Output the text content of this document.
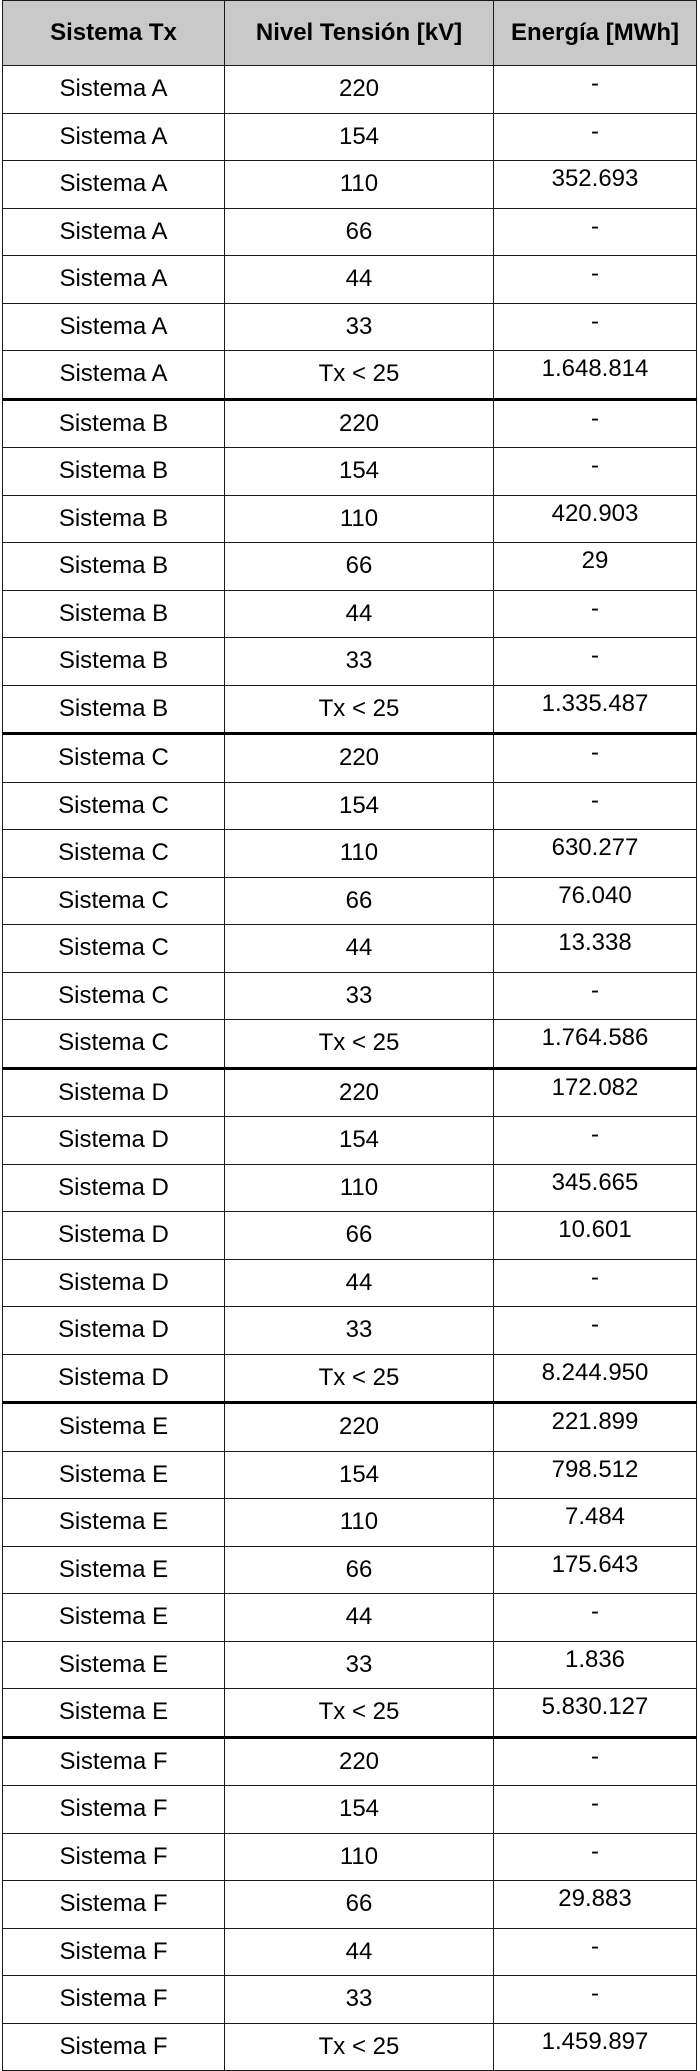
Sistema Tx	Nivel Tensión [kV]	Energía [MWh]
Sistema A	220	-
Sistema A	154	-
Sistema A	110	352.693
Sistema A	66	-
Sistema A	44	-
Sistema A	33	-
Sistema A	Tx < 25	1.648.814
Sistema B	220	-
Sistema B	154	-
Sistema B	110	420.903
Sistema B	66	29
Sistema B	44	-
Sistema B	33	-
Sistema B	Tx < 25	1.335.487
Sistema C	220	-
Sistema C	154	-
Sistema C	110	630.277
Sistema C	66	76.040
Sistema C	44	13.338
Sistema C	33	-
Sistema C	Tx < 25	1.764.586
Sistema D	220	172.082
Sistema D	154	-
Sistema D	110	345.665
Sistema D	66	10.601
Sistema D	44	-
Sistema D	33	-
Sistema D	Tx < 25	8.244.950
Sistema E	220	221.899
Sistema E	154	798.512
Sistema E	110	7.484
Sistema E	66	175.643
Sistema E	44	-
Sistema E	33	1.836
Sistema E	Tx < 25	5.830.127
Sistema F	220	-
Sistema F	154	-
Sistema F	110	-
Sistema F	66	29.883
Sistema F	44	-
Sistema F	33	-
Sistema F	Tx < 25	1.459.897
